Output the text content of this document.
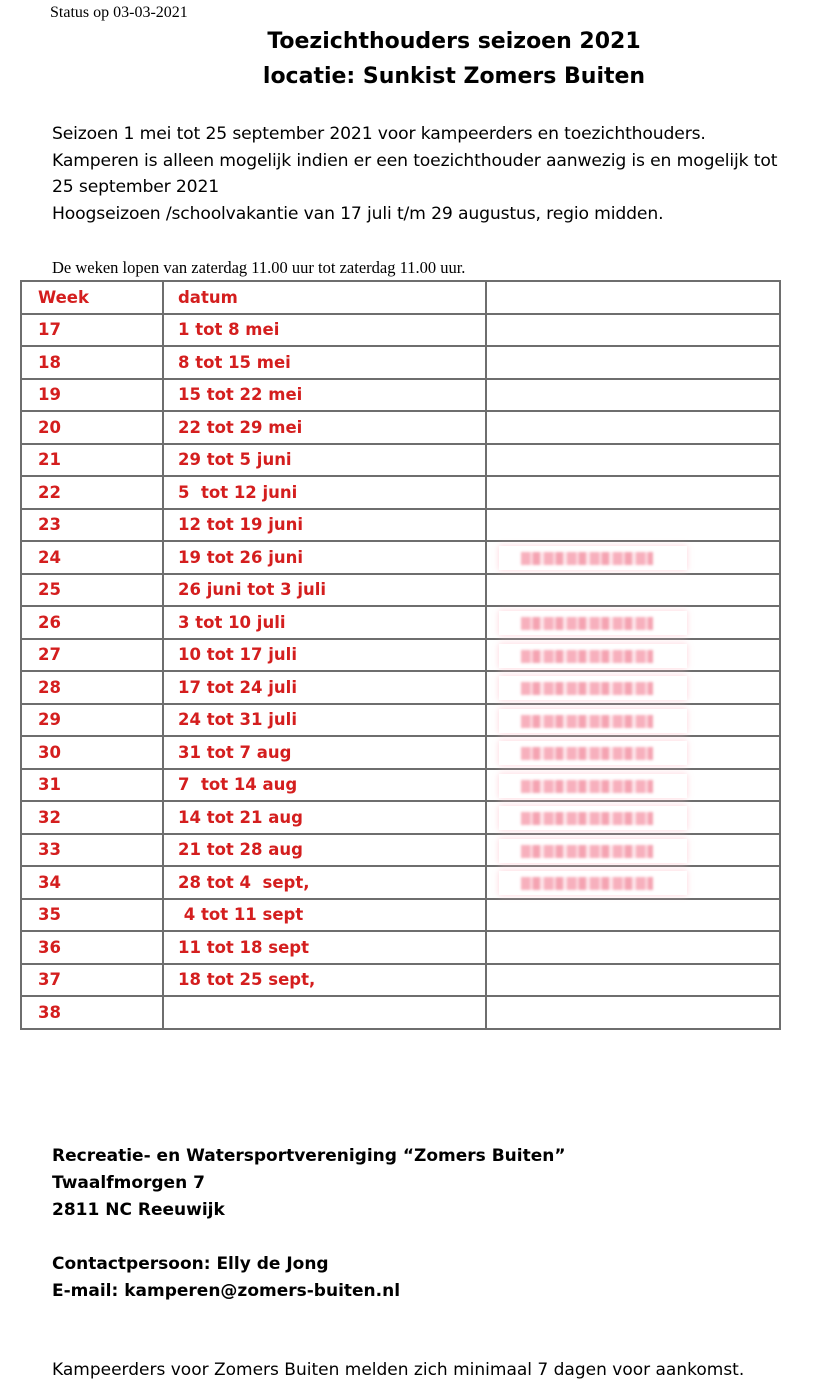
Status op 03-03-2021
Toezichthouders seizoen 2021
locatie: Sunkist Zomers Buiten
Seizoen 1 mei tot 25 september 2021 voor kampeerders en toezichthouders.
Kamperen is alleen mogelijk indien er een toezichthouder aanwezig is en mogelijk tot
25 september 2021
Hoogseizoen /schoolvakantie van 17 juli t/m 29 augustus, regio midden.
De weken lopen van zaterdag 11.00 uur tot zaterdag 11.00 uur.
Week	datum	
17	1 tot 8 mei	
18	8 tot 15 mei	
19	15 tot 22 mei	
20	22 tot 29 mei	
21	29 tot 5 juni	
22	5  tot 12 juni	
23	12 tot 19 juni	
24	19 tot 26 juni	

25	26 juni tot 3 juli	
26	3 tot 10 juli	

27	10 tot 17 juli	

28	17 tot 24 juli	

29	24 tot 31 juli	

30	31 tot 7 aug	

31	7  tot 14 aug	

32	14 tot 21 aug	

33	21 tot 28 aug	

34	28 tot 4  sept,	

35	4 tot 11 sept	
36	11 tot 18 sept	
37	18 tot 25 sept,	
38		
Recreatie- en Watersportvereniging “Zomers Buiten”
Twaalfmorgen 7
2811 NC Reeuwijk
Contactpersoon: Elly de Jong
E-mail: kamperen@zomers-buiten.nl
Kampeerders voor Zomers Buiten melden zich minimaal 7 dagen voor aankomst.
